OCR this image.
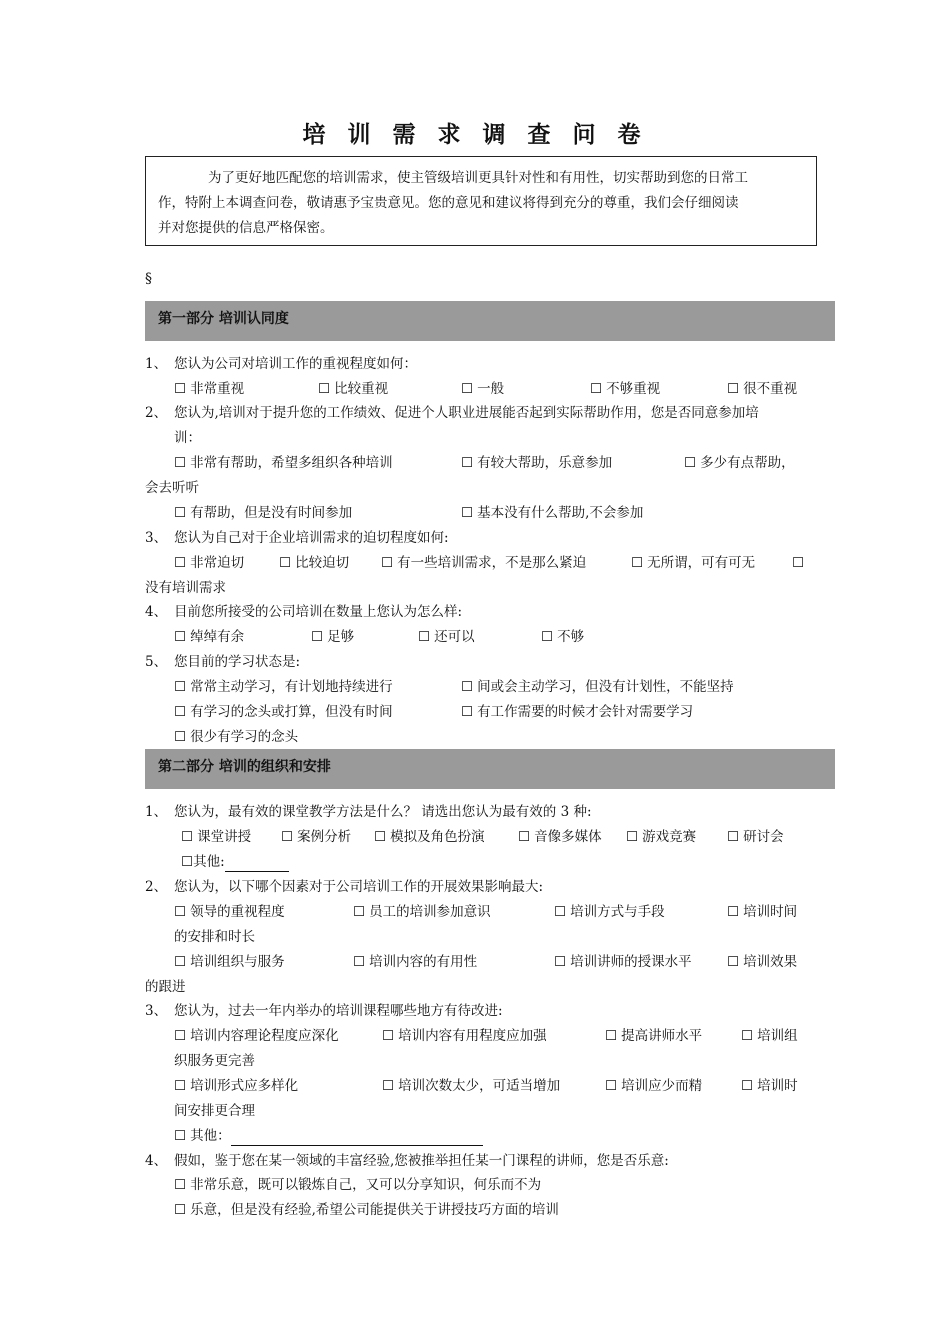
培 训 需 求 调 查 问 卷
为了更好地匹配您的培训需求，使主管级培训更具针对性和有用性，切实帮助到您的日常工
作，特附上本调查问卷，敬请惠予宝贵意见。您的意见和建议将得到充分的尊重，我们会仔细阅读
并对您提供的信息严格保密。
§
第一部分 培训认同度
1、 您认为公司对培训工作的重视程度如何：
☐ 非常重视	☐ 比较重视	☐ 一般	☐ 不够重视	☐ 很不重视
2、 您认为,培训对于提升您的工作绩效、促进个人职业进展能否起到实际帮助作用，您是否同意参加培
训：
☐ 非常有帮助，希望多组织各种培训	☐ 有较大帮助，乐意参加	☐ 多少有点帮助，
会去听听
☐ 有帮助，但是没有时间参加	☐ 基本没有什么帮助,不会参加
3、 您认为自己对于企业培训需求的迫切程度如何:
☐ 非常迫切	☐ 比较迫切 ☐ 有一些培训需求，不是那么紧迫	☐ 无所谓，可有可无	☐
没有培训需求
4、 目前您所接受的公司培训在数量上您认为怎么样:
☐ 绰绰有余	☐ 足够	☐ 还可以	☐ 不够
5、 您目前的学习状态是:
☐ 常常主动学习，有计划地持续进行	☐ 间或会主动学习，但没有计划性，不能坚持
☐ 有学习的念头或打算，但没有时间	☐ 有工作需要的时候才会针对需要学习
☐ 很少有学习的念头
第二部分 培训的组织和安排
1、 您认为，最有效的课堂教学方法是什么？ 请选出您认为最有效的 3 种:
☐ 课堂讲授 ☐ 案例分析 ☐ 模拟及角色扮演 ☐ 音像多媒体 ☐ 游戏竞赛 ☐ 研讨会
☐其他:
2、 您认为，以下哪个因素对于公司培训工作的开展效果影响最大:
☐ 领导的重视程度	☐ 员工的培训参加意识	☐ 培训方式与手段	☐ 培训时间
的安排和时长
☐ 培训组织与服务	☐ 培训内容的有用性	☐ 培训讲师的授课水平	☐ 培训效果
的跟进
3、 您认为，过去一年内举办的培训课程哪些地方有待改进:
☐ 培训内容理论程度应深化	☐ 培训内容有用程度应加强	☐ 提高讲师水平	☐ 培训组
织服务更完善
☐ 培训形式应多样化	☐ 培训次数太少，可适当增加	☐ 培训应少而精	☐ 培训时
间安排更合理
☐ 其他：
4、 假如，鉴于您在某一领域的丰富经验,您被推举担任某一门课程的讲师，您是否乐意:
☐ 非常乐意，既可以锻炼自己，又可以分享知识，何乐而不为
☐ 乐意，但是没有经验,希望公司能提供关于讲授技巧方面的培训
